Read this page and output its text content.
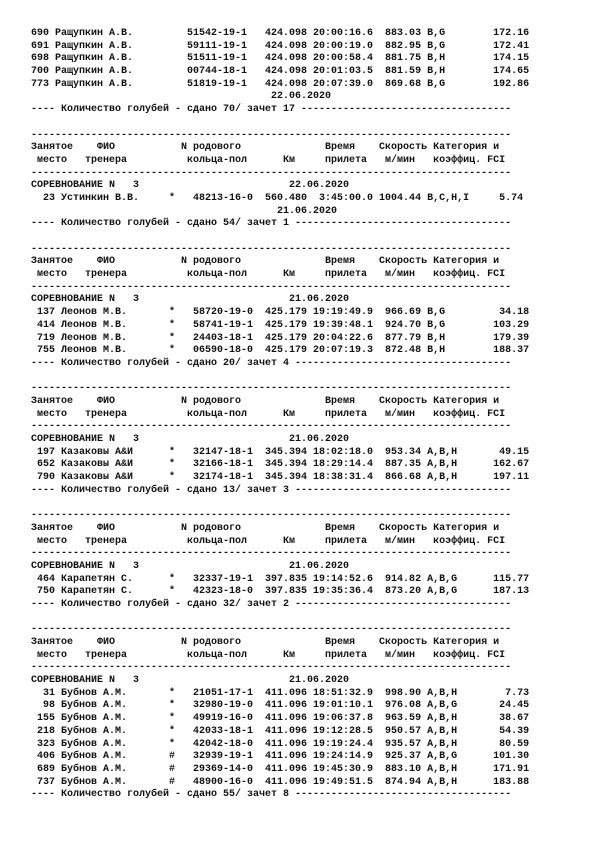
690 Ращупкин А.В.         51542-19-1   424.098 20:00:16.6  883.03 B,G        172.16
691 Ращупкин А.В.         59111-19-1   424.098 20:00:19.0  882.95 B,G        172.41
698 Ращупкин А.В.         51511-19-1   424.098 20:00:58.4  881.75 B,H        174.15
700 Ращупкин А.В.         00744-18-1   424.098 20:01:03.5  881.59 B,H        174.65
773 Ращупкин А.В.         51819-19-1   424.098 20:07:39.0  869.68 B,G        192.86
22.06.2020
---- Количество голубей - сдано 70/ зачет 17 -----------------------------------
--------------------------------------------------------------------------------
Занятое    ФИО           N родового              Время    Скорость Категория и
место   тренера          кольца-пол      Км     прилета   м/мин   коэффиц. FCI
--------------------------------------------------------------------------------
СОРЕВНОВАНИЕ N   3                         22.06.2020
23 Устинкин В.В.     *   48213-16-0  560.480  3:45:00.0 1004.44 B,C,H,I     5.74
21.06.2020
---- Количество голубей - сдано 54/ зачет 1 ------------------------------------
--------------------------------------------------------------------------------
Занятое    ФИО           N родового              Время    Скорость Категория и
место   тренера          кольца-пол      Км     прилета   м/мин   коэффиц. FCI
--------------------------------------------------------------------------------
СОРЕВНОВАНИЕ N   3                         21.06.2020
137 Леонов М.В.       *   58720-19-0  425.179 19:19:49.9  966.69 B,G         34.18
414 Леонов М.В.       *   58741-19-1  425.179 19:39:48.1  924.70 B,G        103.29
719 Леонов М.В.       *   24403-18-1  425.179 20:04:22.6  877.79 B,H        179.39
755 Леонов М.В.       *   06590-18-0  425.179 20:07:19.3  872.48 B,H        188.37
---- Количество голубей - сдано 20/ зачет 4 ------------------------------------
--------------------------------------------------------------------------------
Занятое    ФИО           N родового              Время    Скорость Категория и
место   тренера          кольца-пол      Км     прилета   м/мин   коэффиц. FCI
--------------------------------------------------------------------------------
СОРЕВНОВАНИЕ N   3                         21.06.2020
197 Казаковы А&И      *   32147-18-1  345.394 18:02:18.0  953.34 A,B,H       49.15
652 Казаковы А&И      *   32166-18-1  345.394 18:29:14.4  887.35 A,B,H      162.67
790 Казаковы А&И      *   32174-18-1  345.394 18:38:31.4  866.68 A,B,H      197.11
---- Количество голубей - сдано 13/ зачет 3 ------------------------------------
--------------------------------------------------------------------------------
Занятое    ФИО           N родового              Время    Скорость Категория и
место   тренера          кольца-пол      Км     прилета   м/мин   коэффиц. FCI
--------------------------------------------------------------------------------
СОРЕВНОВАНИЕ N   3                         21.06.2020
464 Карапетян С.      *   32337-19-1  397.835 19:14:52.6  914.82 A,B,G      115.77
750 Карапетян С.      *   42323-18-0  397.835 19:35:36.4  873.20 A,B,G      187.13
---- Количество голубей - сдано 32/ зачет 2 ------------------------------------
--------------------------------------------------------------------------------
Занятое    ФИО           N родового              Время    Скорость Категория и
место   тренера          кольца-пол      Км     прилета   м/мин   коэффиц. FCI
--------------------------------------------------------------------------------
СОРЕВНОВАНИЕ N   3                         21.06.2020
31 Бубнов А.М.       *   21051-17-1  411.096 18:51:32.9  998.90 A,B,H        7.73
98 Бубнов А.М.       *   32980-19-0  411.096 19:01:10.1  976.08 A,B,G       24.45
155 Бубнов А.М.       *   49919-16-0  411.096 19:06:37.8  963.59 A,B,H       38.67
218 Бубнов А.М.       *   42033-18-1  411.096 19:12:28.5  950.57 A,B,H       54.39
323 Бубнов А.М.       *   42042-18-0  411.096 19:19:24.4  935.57 A,B,H       80.59
406 Бубнов А.М.       #   32939-19-1  411.096 19:24:14.9  925.37 A,B,G      101.30
689 Бубнов А.М.       #   29369-14-0  411.096 19:45:30.9  883.10 A,B,H      171.91
737 Бубнов А.М.       #   48900-16-0  411.096 19:49:51.5  874.94 A,B,H      183.88
---- Количество голубей - сдано 55/ зачет 8 ------------------------------------
